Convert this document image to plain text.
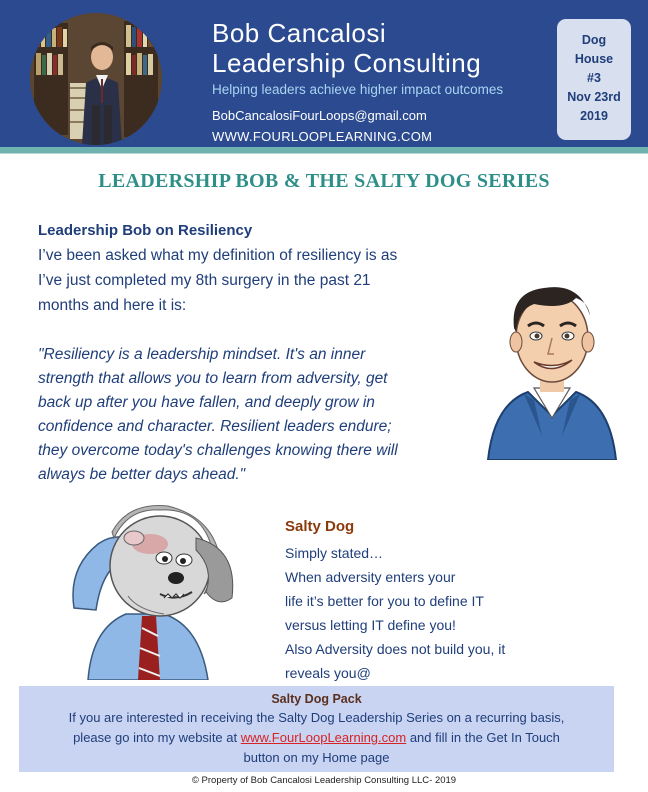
Bob Cancalosi
Leadership Consulting
Helping leaders achieve higher impact outcomes
BobCancalosiFourLoops@gmail.com
WWW.FOURLOOPLEARNING.COM
Dog
House
#3
Nov 23rd
2019
LEADERSHIP BOB & THE SALTY DOG SERIES
Leadership Bob on Resiliency
I’ve been asked what my definition of resiliency is as
I’ve just completed my 8th surgery in the past 21
months and here it is:
"Resiliency is a leadership mindset. It's an inner
strength that allows you to learn from adversity, get
back up after you have fallen, and deeply grow in
confidence and character. Resilient leaders endure;
they overcome today's challenges knowing there will
always be better days ahead."
Salty Dog
Simply stated…
When adversity enters your
life it’s better for you to define IT
versus letting IT define you!
Also Adversity does not build you, it
reveals you@
Salty Dog Pack
If you are interested in receiving the Salty Dog Leadership Series on a recurring basis,
please go into my website at www.FourLoopLearning.com and fill in the Get In Touch
button on my Home page
© Property of Bob Cancalosi Leadership Consulting LLC- 2019
